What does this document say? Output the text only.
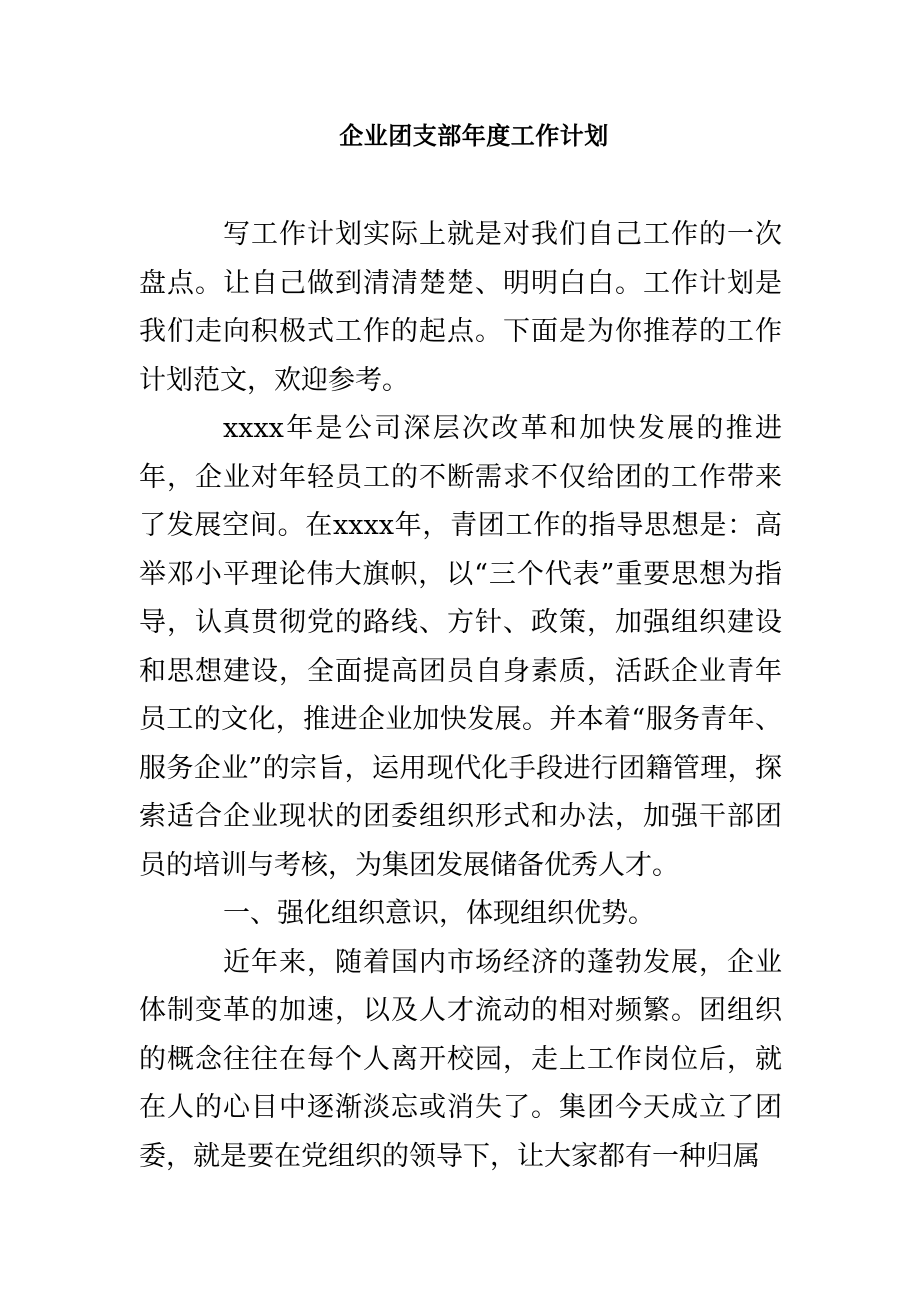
企业团支部年度工作计划

写工作计划实际上就是对我们自己工作的一次盘点。让自己做到清清楚楚、明明白白。工作计划是我们走向积极式工作的起点。下面是为你推荐的工作计划范文，欢迎参考。

xxxx年是公司深层次改革和加快发展的推进年，企业对年轻员工的不断需求不仅给团的工作带来了发展空间。在xxxx年，青团工作的指导思想是：高举邓小平理论伟大旗帜，以“三个代表”重要思想为指导，认真贯彻党的路线、方针、政策，加强组织建设和思想建设，全面提高团员自身素质，活跃企业青年员工的文化，推进企业加快发展。并本着“服务青年、服务企业”的宗旨，运用现代化手段进行团籍管理，探索适合企业现状的团委组织形式和办法，加强干部团员的培训与考核，为集团发展储备优秀人才。

一、强化组织意识，体现组织优势。

近年来，随着国内市场经济的蓬勃发展，企业体制变革的加速，以及人才流动的相对频繁。团组织的概念往往在每个人离开校园，走上工作岗位后，就在人的心目中逐渐淡忘或消失了。集团今天成立了团委，就是要在党组织的领导下，让大家都有一种归属
